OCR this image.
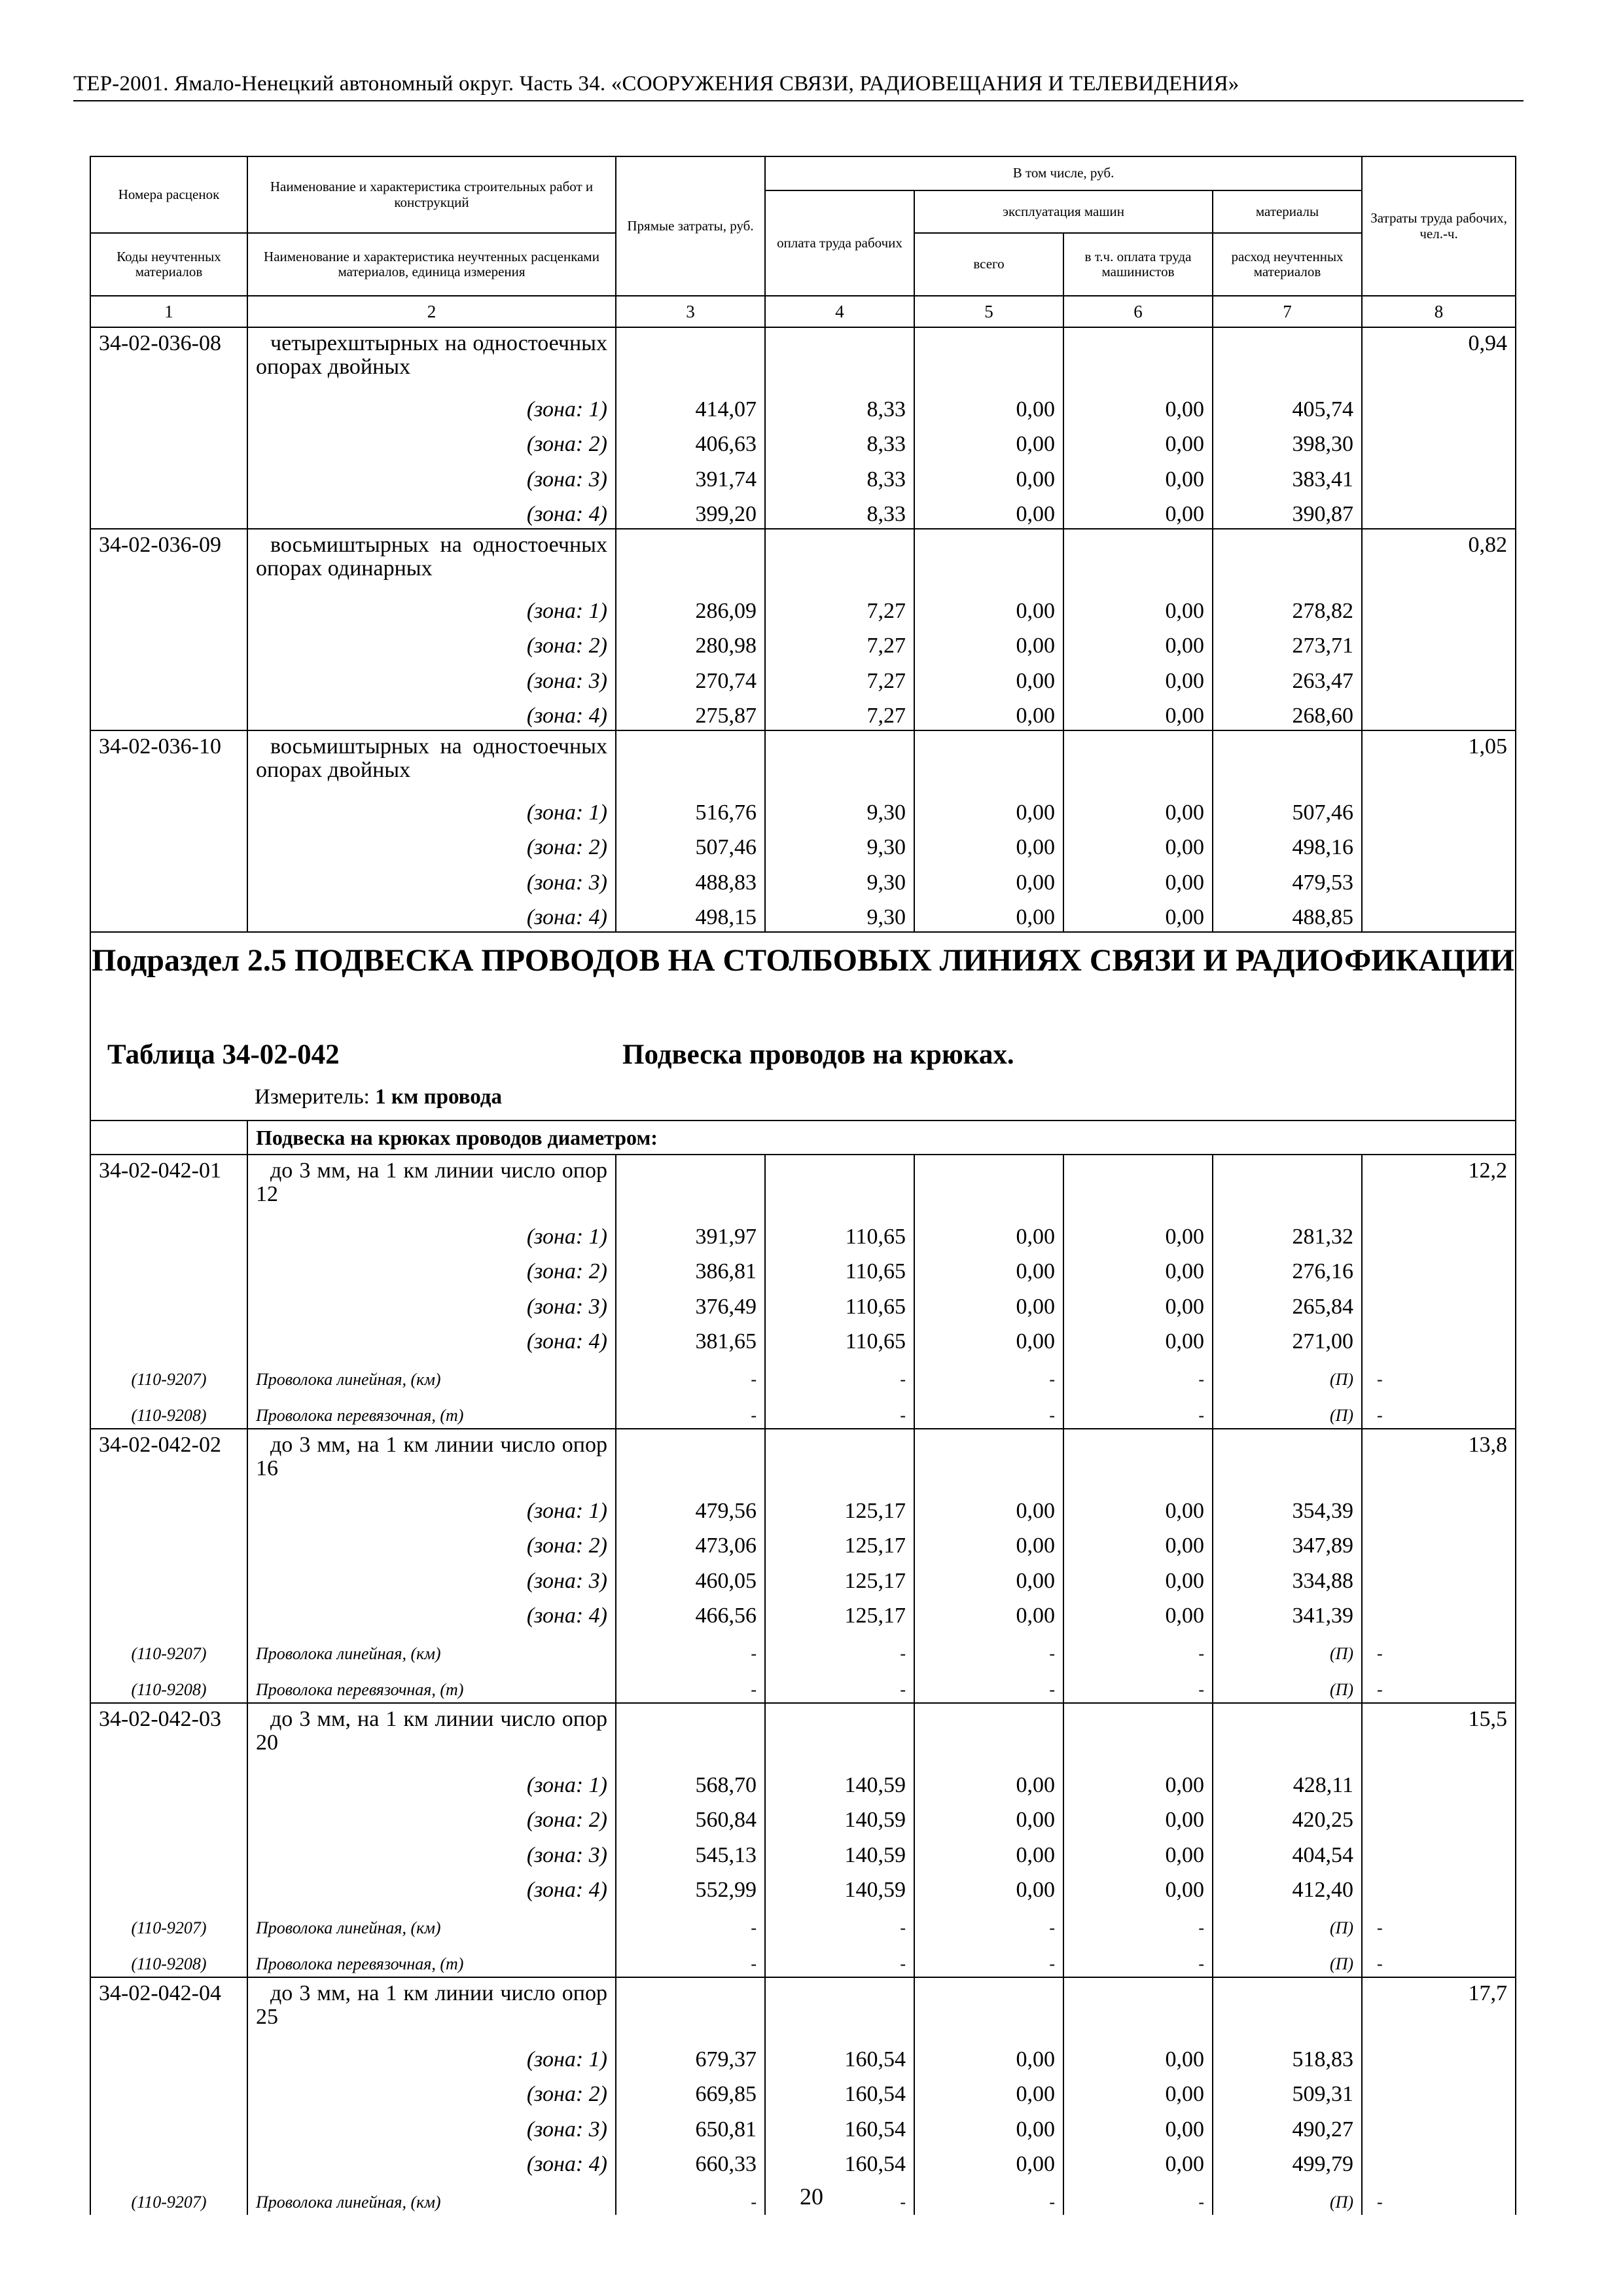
ТЕР-2001. Ямало-Ненецкий автономный округ. Часть 34. «СООРУЖЕНИЯ СВЯЗИ, РАДИОВЕЩАНИЯ И ТЕЛЕВИДЕНИЯ»
Номера расценок	Наименование и характеристика строительных работ и конструкций	Прямые затраты, руб.	В том числе, руб.				Затраты труда рабочих, чел.-ч.
			оплата труда рабочих	эксплуатация машин		материалы	
Коды неучтенных материалов	Наименование и характеристика неучтенных расценками материалов, единица измерения			всего	в т.ч. оплата труда машинистов	расход неучтенных материалов	
1	2	3	4	5	6	7	8
34-02-036-08	четырехштырных на одностоечных опорах двойных						0,94
	(зона: 1)	414,07	8,33	0,00	0,00	405,74	
	(зона: 2)	406,63	8,33	0,00	0,00	398,30	
	(зона: 3)	391,74	8,33	0,00	0,00	383,41	
	(зона: 4)	399,20	8,33	0,00	0,00	390,87	
34-02-036-09	восьмиштырных на одностоечных опорах одинарных						0,82
	(зона: 1)	286,09	7,27	0,00	0,00	278,82	
	(зона: 2)	280,98	7,27	0,00	0,00	273,71	
	(зона: 3)	270,74	7,27	0,00	0,00	263,47	
	(зона: 4)	275,87	7,27	0,00	0,00	268,60	
34-02-036-10	восьмиштырных на одностоечных опорах двойных						1,05
	(зона: 1)	516,76	9,30	0,00	0,00	507,46	
	(зона: 2)	507,46	9,30	0,00	0,00	498,16	
	(зона: 3)	488,83	9,30	0,00	0,00	479,53	
	(зона: 4)	498,15	9,30	0,00	0,00	488,85	

Подраздел 2.5 ПОДВЕСКА ПРОВОДОВ НА СТОЛБОВЫХ ЛИНИЯХ СВЯЗИ И РАДИОФИКАЦИИ
Таблица 34-02-042 Подвеска проводов на крюках.
Измеритель: 1 км провода							

	Подвеска на крюках проводов диаметром:						
34-02-042-01	до 3 мм, на 1 км линии число опор 12						12,2
	(зона: 1)	391,97	110,65	0,00	0,00	281,32	
	(зона: 2)	386,81	110,65	0,00	0,00	276,16	
	(зона: 3)	376,49	110,65	0,00	0,00	265,84	
	(зона: 4)	381,65	110,65	0,00	0,00	271,00	
(110-9207)	Проволока линейная, (км)	-	-	-	-	(П)	-
(110-9208)	Проволока перевязочная, (т)	-	-	-	-	(П)	-
34-02-042-02	до 3 мм, на 1 км линии число опор 16						13,8
	(зона: 1)	479,56	125,17	0,00	0,00	354,39	
	(зона: 2)	473,06	125,17	0,00	0,00	347,89	
	(зона: 3)	460,05	125,17	0,00	0,00	334,88	
	(зона: 4)	466,56	125,17	0,00	0,00	341,39	
(110-9207)	Проволока линейная, (км)	-	-	-	-	(П)	-
(110-9208)	Проволока перевязочная, (т)	-	-	-	-	(П)	-
34-02-042-03	до 3 мм, на 1 км линии число опор 20						15,5
	(зона: 1)	568,70	140,59	0,00	0,00	428,11	
	(зона: 2)	560,84	140,59	0,00	0,00	420,25	
	(зона: 3)	545,13	140,59	0,00	0,00	404,54	
	(зона: 4)	552,99	140,59	0,00	0,00	412,40	
(110-9207)	Проволока линейная, (км)	-	-	-	-	(П)	-
(110-9208)	Проволока перевязочная, (т)	-	-	-	-	(П)	-
34-02-042-04	до 3 мм, на 1 км линии число опор 25						17,7
	(зона: 1)	679,37	160,54	0,00	0,00	518,83	
	(зона: 2)	669,85	160,54	0,00	0,00	509,31	
	(зона: 3)	650,81	160,54	0,00	0,00	490,27	
	(зона: 4)	660,33	160,54	0,00	0,00	499,79	
(110-9207)	Проволока линейная, (км)	-	-	-	-	(П)	-
20
